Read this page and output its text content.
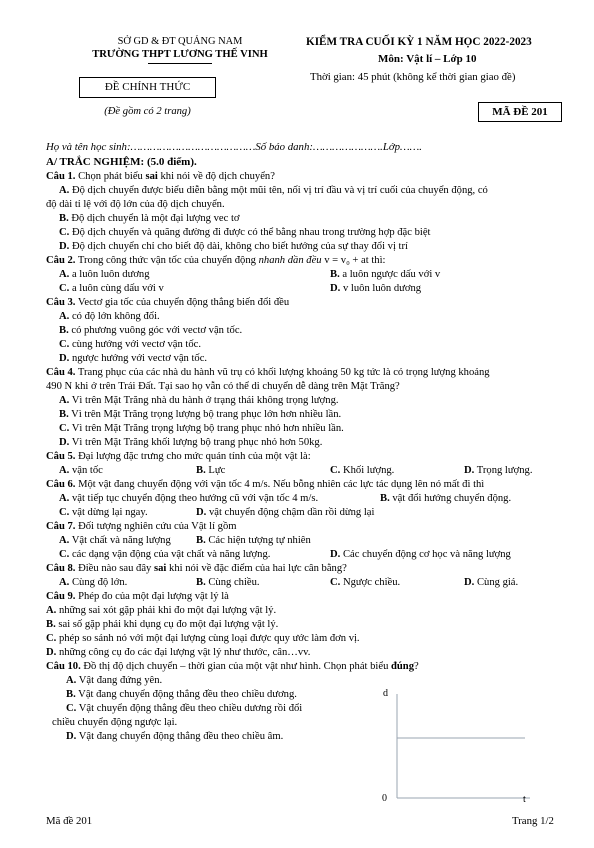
SỞ GD & ĐT QUẢNG NAM
TRƯỜNG THPT LƯƠNG THẾ VINH
ĐỀ CHÍNH THỨC
(Đề gồm có 2 trang)
KIỂM TRA CUỐI KỲ 1 NĂM HỌC 2022-2023
Môn: Vật lí – Lớp 10
Thời gian: 45 phút (không kể thời gian giao đề)
MÃ ĐỀ 201
Họ và tên học sinh:…………………………………Số báo danh:………………….Lớp…….
A/ TRẮC NGHIỆM: (5.0 điểm).
Câu 1. Chọn phát biểu sai khi nói về độ dịch chuyển?
A. Độ dịch chuyển được biểu diễn bằng một mũi tên, nối vị trí đầu và vị trí cuối của chuyển động, có
độ dài tỉ lệ với độ lớn của độ dịch chuyển.
B. Độ dịch chuyển là một đại lượng vec tơ
C. Độ dịch chuyển và quãng đường đi được có thể bằng nhau trong trường hợp đặc biệt
D. Độ dịch chuyển chỉ cho biết độ dài, không cho biết hướng của sự thay đổi vị trí
Câu 2. Trong công thức vận tốc của chuyển động nhanh dần đều v = v₀ + at thì:
A. a luôn luôn dương	B. a luôn ngược dấu với v
C. a luôn cùng dấu với v	D. v luôn luôn dương
Câu 3. Vectơ gia tốc của chuyển động thẳng biến đổi đều
A. có độ lớn không đổi.
B. có phương vuông góc với vectơ vận tốc.
C. cùng hướng với vectơ vận tốc.
D. ngược hướng với vectơ vận tốc.
Câu 4. Trang phục của các nhà du hành vũ trụ có khối lượng khoảng 50 kg tức là có trọng lượng khoảng
490 N khi ở trên Trái Đất. Tại sao họ vẫn có thể di chuyển dễ dàng trên Mặt Trăng?
A. Vì trên Mặt Trăng nhà du hành ở trạng thái không trọng lượng.
B. Vì trên Mặt Trăng trọng lượng bộ trang phục lớn hơn nhiều lần.
C. Vì trên Mặt Trăng trọng lượng bộ trang phục nhỏ hơn nhiều lần.
D. Vì trên Mặt Trăng khối lượng bộ trang phục nhỏ hơn 50kg.
Câu 5. Đại lượng đặc trưng cho mức quán tính của một vật là:
A. vận tốc	B. Lực	C. Khối lượng.	D. Trọng lượng.
Câu 6. Một vật đang chuyển động với vận tốc 4 m/s. Nếu bỗng nhiên các lực tác dụng lên nó mất đi thì
A. vật tiếp tục chuyển động theo hướng cũ với vận tốc 4 m/s.	B. vật đổi hướng chuyển động.
C. vật dừng lại ngay.	D. vật chuyển động chậm dần rồi dừng lại
Câu 7. Đối tượng nghiên cứu của Vật lí gồm
A. Vật chất và năng lượng B. Các hiện tượng tự nhiên
C. các dạng vận động của vật chất và năng lượng.	D. Các chuyển động cơ học và năng lượng
Câu 8. Điều nào sau đây sai khi nói về đặc điểm của hai lực cân bằng?
A. Cùng độ lớn.	B. Cùng chiều.	C. Ngược chiều.	D. Cùng giá.
Câu 9. Phép đo của một đại lượng vật lý là
A. những sai xót gặp phải khi đo một đại lượng vật lý.
B. sai số gặp phải khi dụng cụ đo một đại lượng vật lý.
C. phép so sánh nó với một đại lượng cùng loại được quy ước làm đơn vị.
D. những công cụ đo các đại lượng vật lý như thước, cân…vv.
Câu 10. Đồ thị độ dịch chuyển – thời gian của một vật như hình. Chọn phát biểu đúng?
A. Vật đang đứng yên.
B. Vật đang chuyển động thẳng đều theo chiều dương.
C. Vật chuyển động thẳng đều theo chiều dương rồi đổi
chiều chuyển động ngược lại.
D. Vật đang chuyển động thẳng đều theo chiều âm.
d
t
0
Mã đề 201	Trang 1/2
